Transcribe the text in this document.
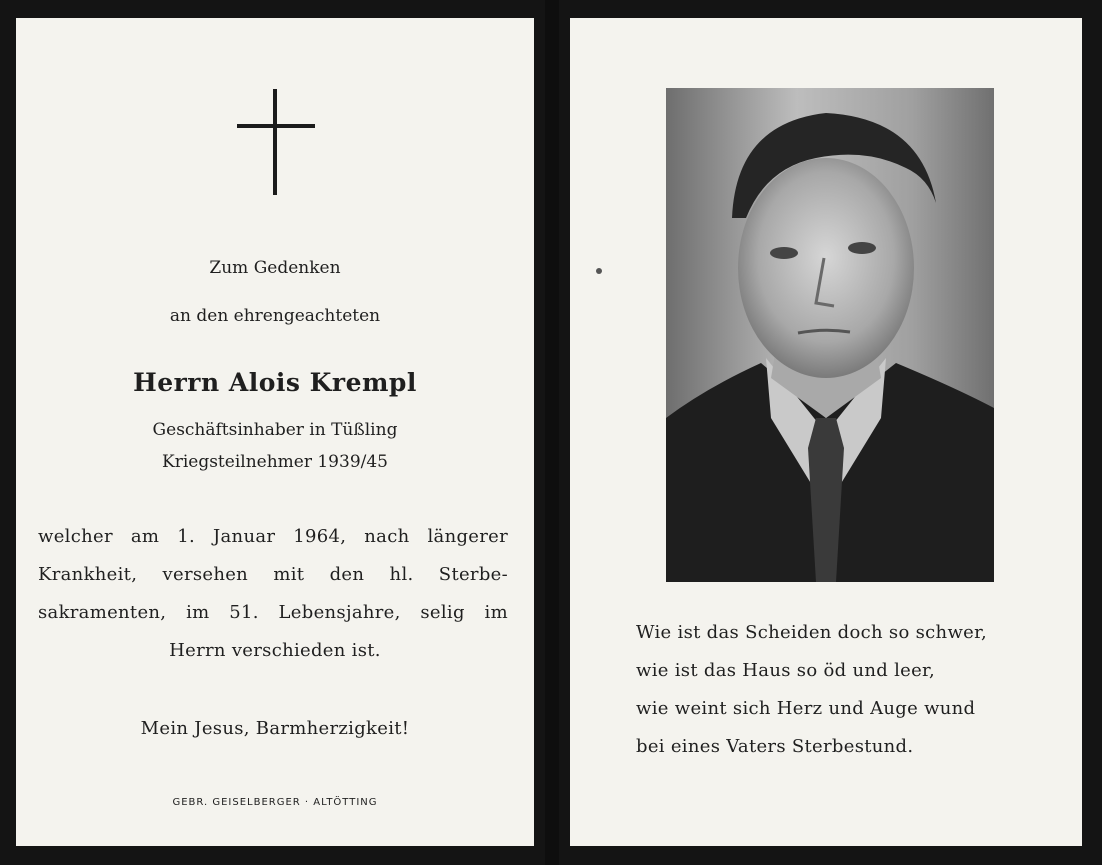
Zum Gedenken
an den ehrengeachteten
Herrn Alois Krempl
Geschäftsinhaber in Tüßling
Kriegsteilnehmer 1939/45
welcher am 1. Januar 1964, nach längerer
Krankheit, versehen mit den hl. Sterbe-
sakramenten, im 51. Lebensjahre, selig im
Herrn verschieden ist.
Mein Jesus, Barmherzigkeit!
GEBR. GEISELBERGER · ALTÖTTING
Wie ist das Scheiden doch so schwer,
wie ist das Haus so öd und leer,
wie weint sich Herz und Auge wund
bei eines Vaters Sterbestund.
